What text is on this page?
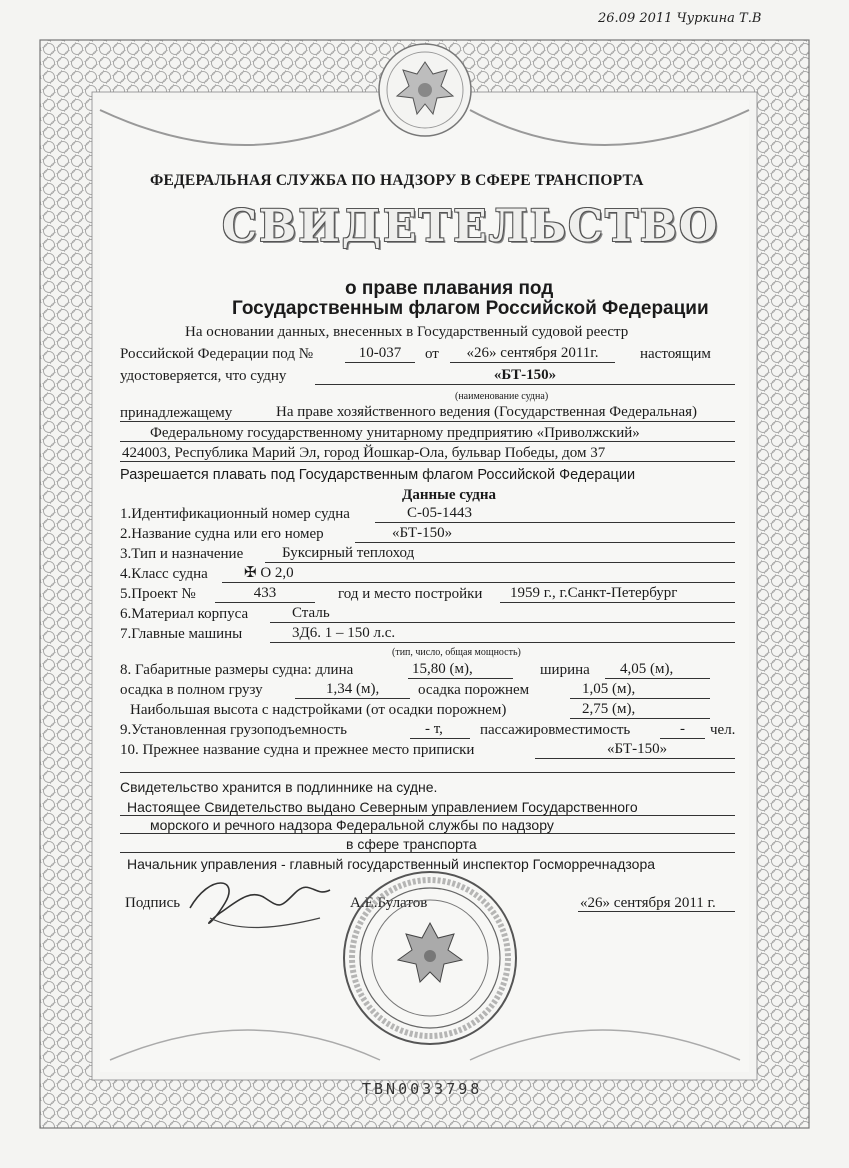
26.09 2011 Чуркина Т.В
ФЕДЕРАЛЬНАЯ СЛУЖБА ПО НАДЗОРУ В СФЕРЕ ТРАНСПОРТА
СВИДЕТЕЛЬСТВО
о праве плавания под
Государственным флагом Российской Федерации
На основании данных, внесенных в Государственный судовой реестр
Российской Федерации под №	10-037	от	«26» сентября 2011г.	настоящим
удостоверяется, что судну	«БТ-150»
(наименование судна)
принадлежащему	На праве хозяйственного ведения (Государственная Федеральная)
Федеральному государственному унитарному предприятию «Приволжский»
424003, Республика Марий Эл, город Йошкар-Ола, бульвар Победы, дом 37
Разрешается плавать под Государственным флагом Российской Федерации
Данные судна
1.Идентификационный номер судна	С-05-1443
2.Название судна или его номер	«БТ-150»
3.Тип и назначение	Буксирный теплоход
4.Класс судна ✠ О 2,0
5.Проект №	433	год и место постройки 1959 г., г.Санкт-Петербург
6.Материал корпуса	Сталь
7.Главные машины	3Д6. 1 – 150 л.с.
(тип, число, общая мощность)
8. Габаритные размеры судна: длина	15,80 (м),	ширина 4,05 (м),
осадка в полном грузу	1,34 (м),	осадка порожнем	1,05 (м),
Наибольшая высота с надстройками (от осадки порожнем)	2,75 (м),
9.Установленная грузоподъемность	- т, пассажировместимость	-	чел.
10. Прежнее название судна и прежнее место приписки	«БТ-150»
Свидетельство хранится в подлиннике на судне.
Настоящее Свидетельство выдано Северным управлением Государственного
морского и речного надзора Федеральной службы по надзору
в сфере транспорта
Начальник управления - главный государственный инспектор Госморречнадзора
Подпись	А.Е.Булатов	«26» сентября 2011 г.
ТВN0033798
